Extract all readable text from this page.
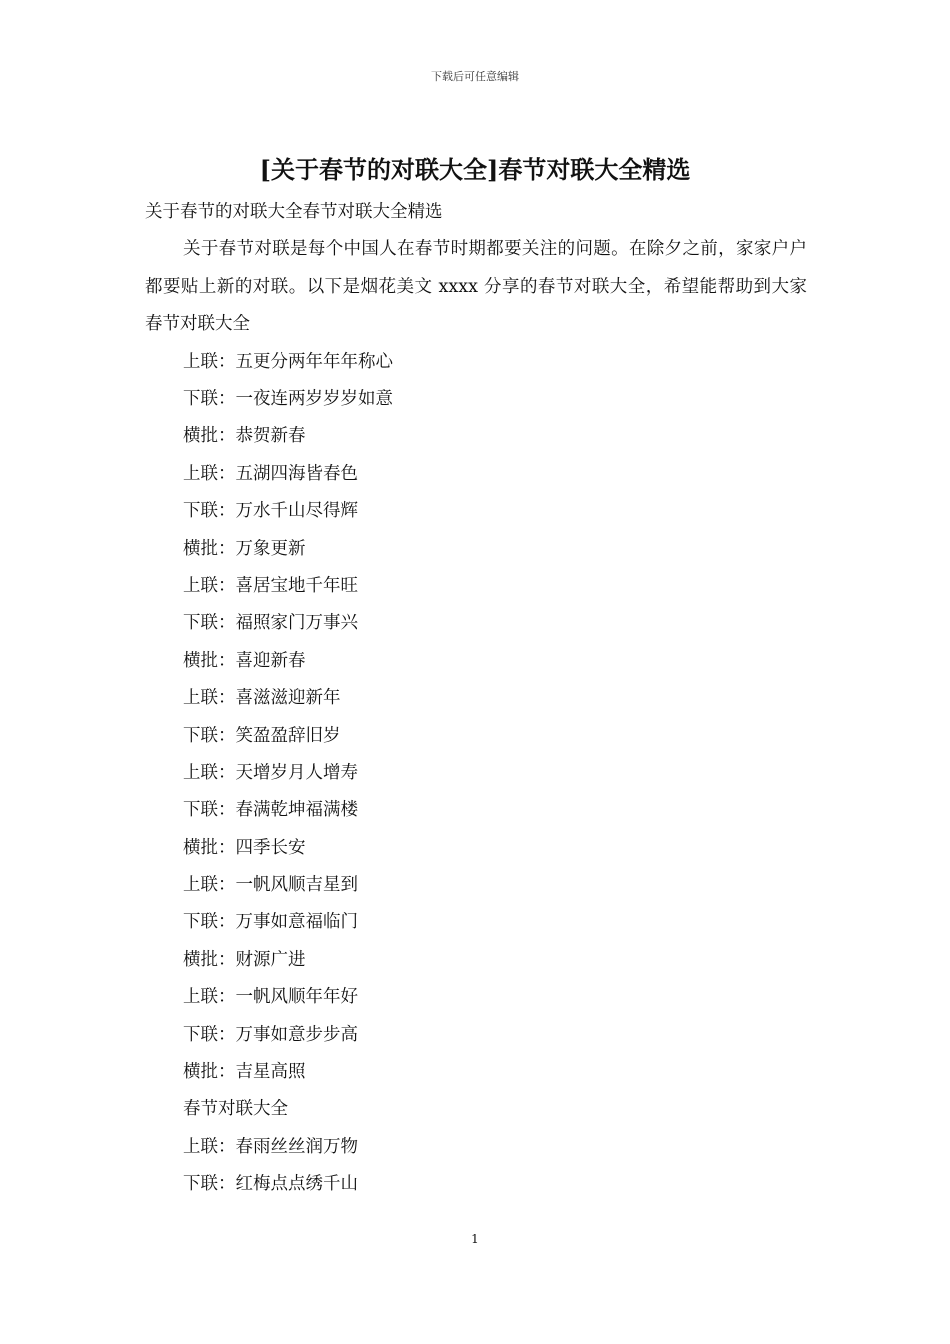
下载后可任意编辑
[关于春节的对联大全]春节对联大全精选
关于春节的对联大全春节对联大全精选

关于春节对联是每个中国人在春节时期都要关注的问题。在除夕之前，家家户户都要贴上新的对联。以下是烟花美文 xxxx 分享的春节对联大全，希望能帮助到大家春节对联大全

上联：五更分两年年年称心
下联：一夜连两岁岁岁如意
横批：恭贺新春
上联：五湖四海皆春色
下联：万水千山尽得辉
横批：万象更新
上联：喜居宝地千年旺
下联：福照家门万事兴
横批：喜迎新春
上联：喜滋滋迎新年
下联：笑盈盈辞旧岁
上联：天增岁月人增寿
下联：春满乾坤福满楼
横批：四季长安
上联：一帆风顺吉星到
下联：万事如意福临门
横批：财源广进
上联：一帆风顺年年好
下联：万事如意步步高
横批：吉星高照
春节对联大全
上联：春雨丝丝润万物
下联：红梅点点绣千山
1
